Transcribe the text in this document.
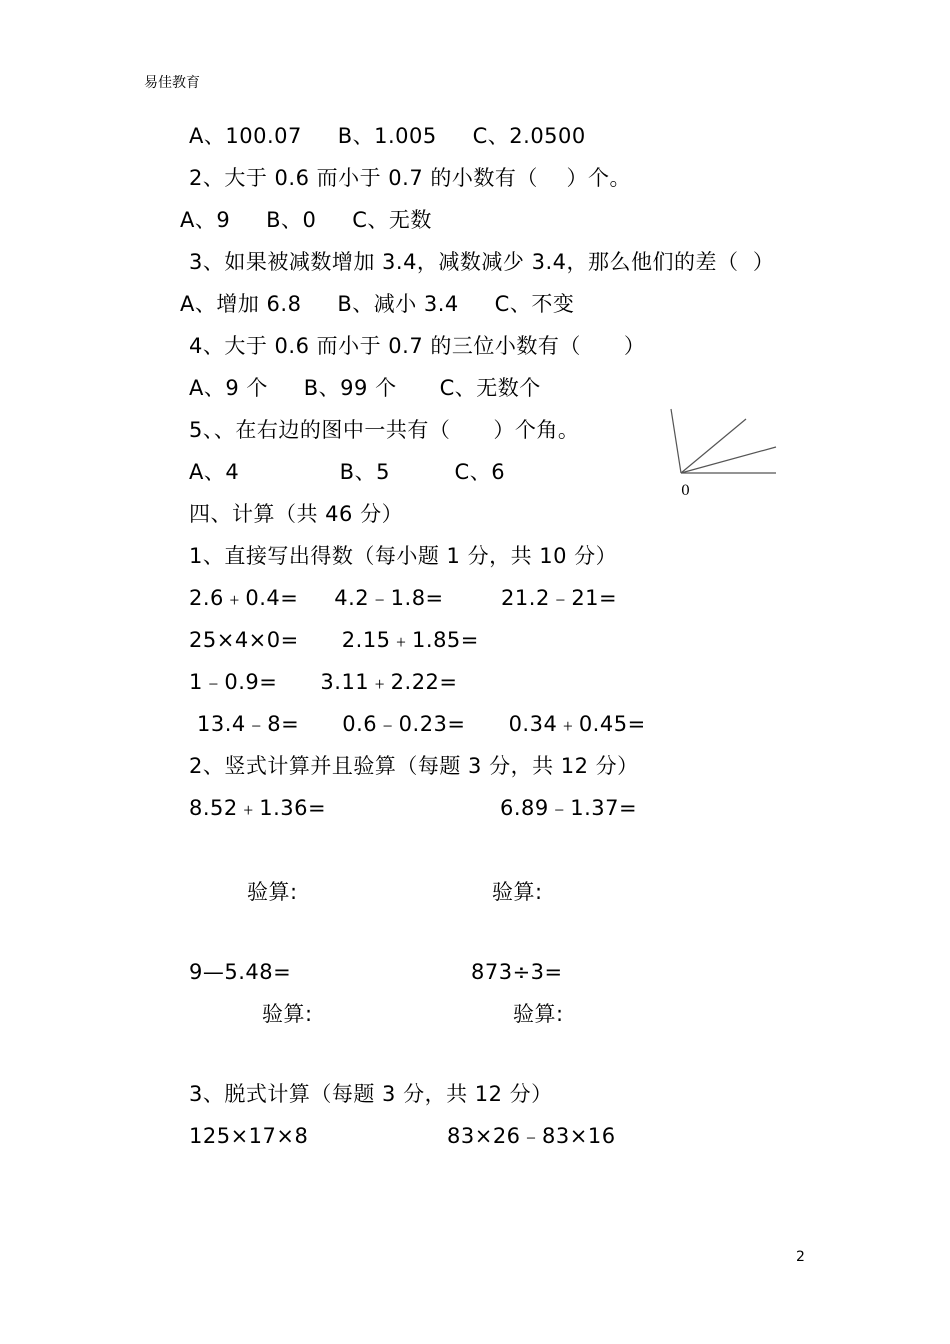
易佳教育
A、100.07     B、1.005     C、2.0500
2、大于 0.6 而小于 0.7 的小数有（    ）个。
A、9     B、0     C、无数
3、如果被减数增加 3.4，减数减少 3.4，那么他们的差（  ）
A、增加 6.8     B、减小 3.4     C、不变
4、大于 0.6 而小于 0.7 的三位小数有（      ）
A、9 个     B、99 个      C、无数个
5、、在右边的图中一共有（      ）个角。
A、4              B、5         C、6
0
四、计算（共 46 分）
1、直接写出得数（每小题 1 分，共 10 分）
2.6﹢0.4=     4.2﹣1.8=        21.2﹣21=
25×4×0=      2.15﹢1.85=
1﹣0.9=      3.11﹢2.22=
13.4﹣8=      0.6﹣0.23=      0.34﹢0.45=
2、竖式计算并且验算（每题 3 分，共 12 分）
8.52﹢1.36=	6.89﹣1.37=
验算:	验算:
9—5.48=	873÷3=
验算:	验算:
3、脱式计算（每题 3 分，共 12 分）
125×17×8	83×26﹣83×16
2
